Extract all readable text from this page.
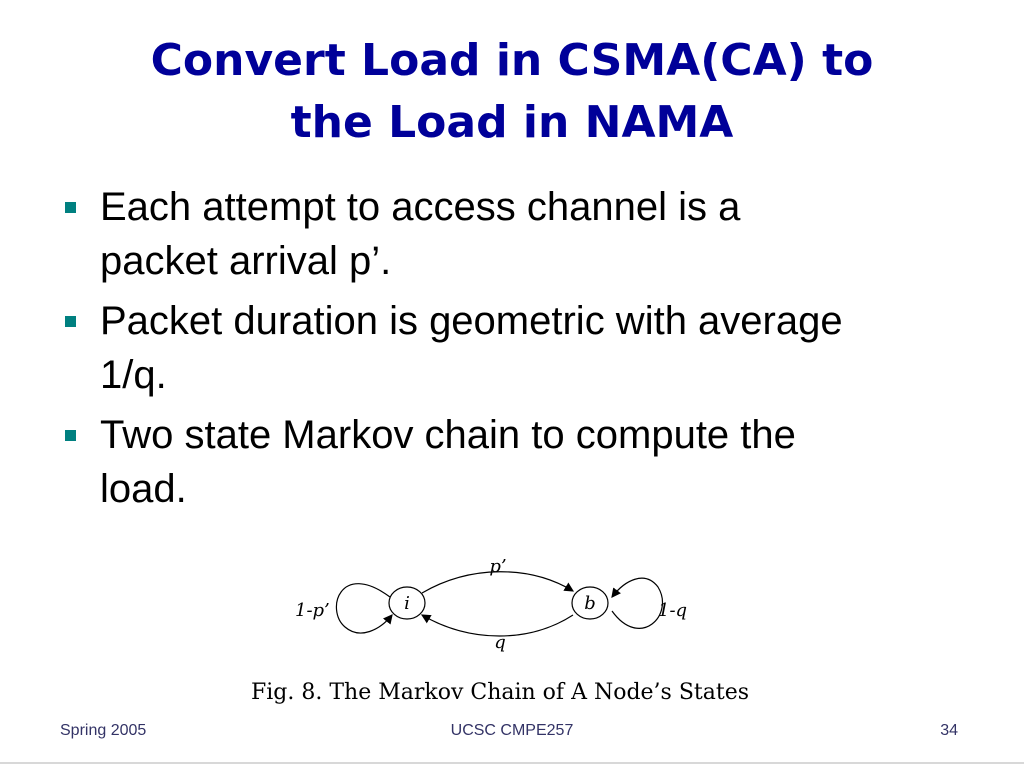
Convert Load in CSMA(CA) to
the Load in NAMA
Each attempt to access channel is a
packet arrival p’.
Packet duration is geometric with average
1/q.
Two state Markov chain to compute the
load.
i	b
1-p’	1-q
p’
q

Fig. 8. The Markov Chain of A Node’s States

Spring 2005	UCSC CMPE257	34
